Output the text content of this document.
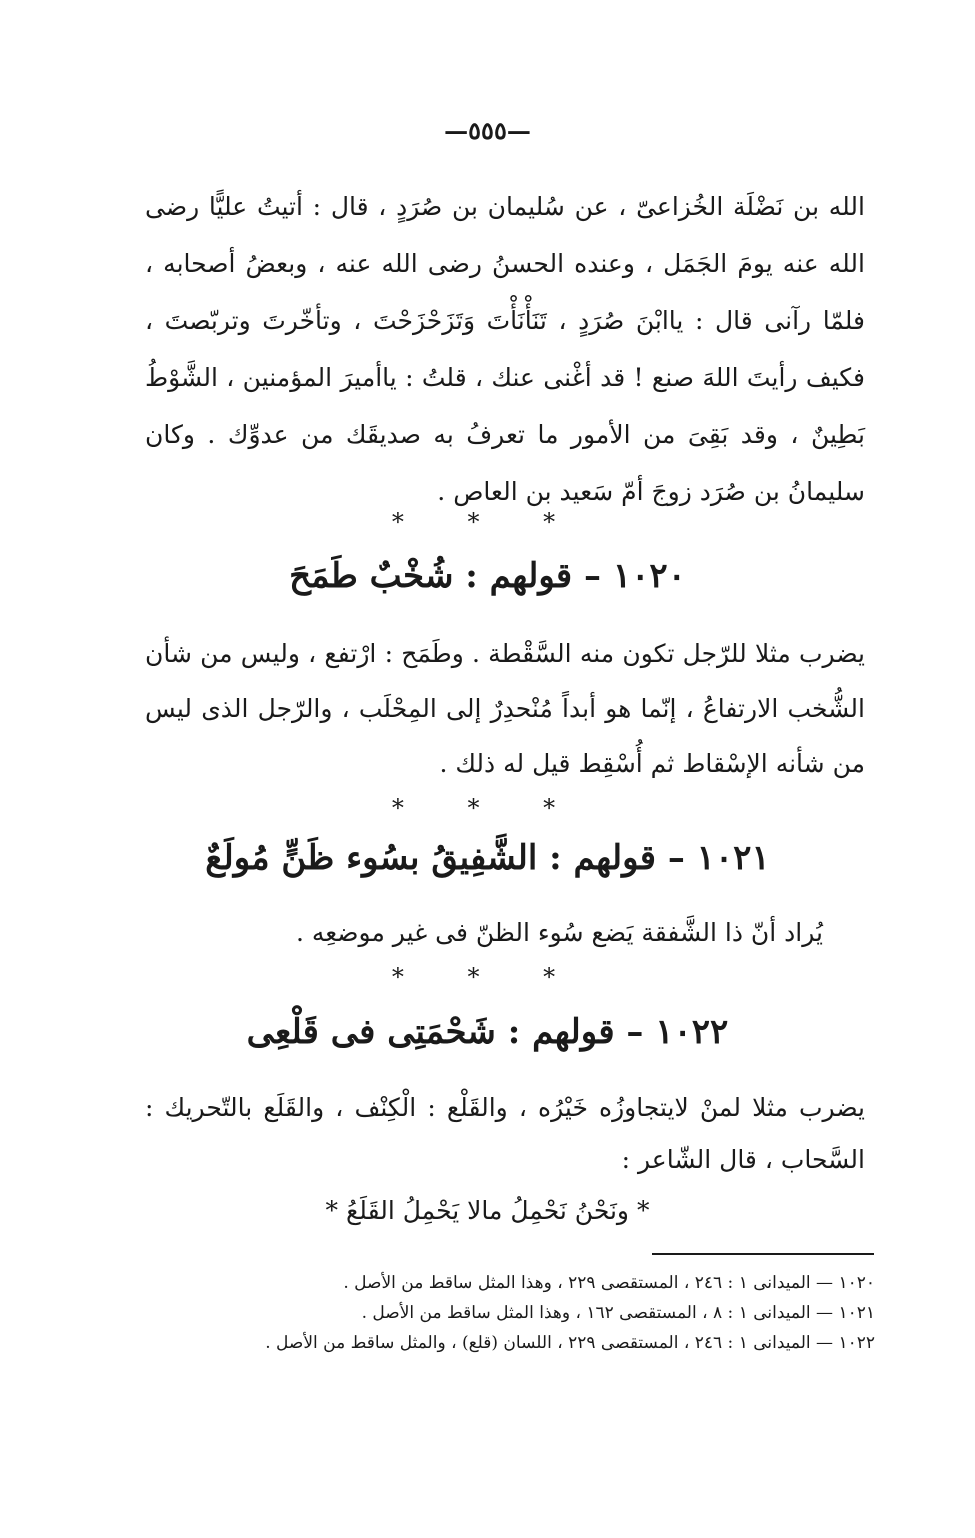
—٥٥٥—

الله بن نَضْلَة الخُزاعىّ ، عن سُليمان بن صُرَدٍ ، قال : أتيتُ عليًّا رضى الله عنه يومَ الجَمَل ، وعنده الحسنُ رضى الله عنه ، وبعضُ أصحابه ، فلمّا رآنى قال : ياابْنَ صُرَدٍ ، تَنَأْنَأْتَ وَتَزَحْزَحْتَ ، وتأخّرتَ وتربّصتَ ، فكيف رأيتَ اللهَ صنع ! قد أغْنى عنك ، قلتُ : ياأميرَ المؤمنين ، الشَّوْطُ بَطِينٌ ، وقد بَقِىَ من الأمور ما تعرفُ به صديقَك من عدوِّك . وكان سليمانُ بن صُرَد زوجَ أمّ سَعيد بن العاص .

* * *
١٠٢٠ – قولهم : شُخْبٌ طَمَحَ

يضرب مثلا للرّجل تكون منه السَّقْطة . وطَمَح : ارْتفع ، وليس من شأن الشُّخب الارتفاعُ ، إنّما هو أبداً مُنْحدِرٌ إلى المِحْلَب ، والرّجل الذى ليس من شأنه الإسْقاط ثم أُسْقِط قيل له ذلك .

* * *
١٠٢١ – قولهم : الشَّفِيقُ بسُوء ظَنٍّ مُولَعٌ

يُراد أنّ ذا الشَّفقة يَضع سُوء الظنّ فى غير موضعِه .

* * *
١٠٢٢ – قولهم : شَحْمَتِى فى قَلْعِى

يضرب مثلا لمنْ لايتجاوزُه خَيْرُه ، والقَلْع : الْكِنْف ، والقَلَع بالتّحريك : السَّحاب ، قال الشّاعر :

* ونَحْنُ نَحْمِلُ مالا يَحْمِلُ القَلَعُ *

١٠٢٠ — الميدانى ١ : ٢٤٦ ، المستقصى ٢٢٩ ، وهذا المثل ساقط من الأصل .

١٠٢١ — الميدانى ١ : ٨ ، المستقصى ١٦٢ ، وهذا المثل ساقط من الأصل .

١٠٢٢ — الميدانى ١ : ٢٤٦ ، المستقصى ٢٢٩ ، اللسان (قلع) ، والمثل ساقط من الأصل .
